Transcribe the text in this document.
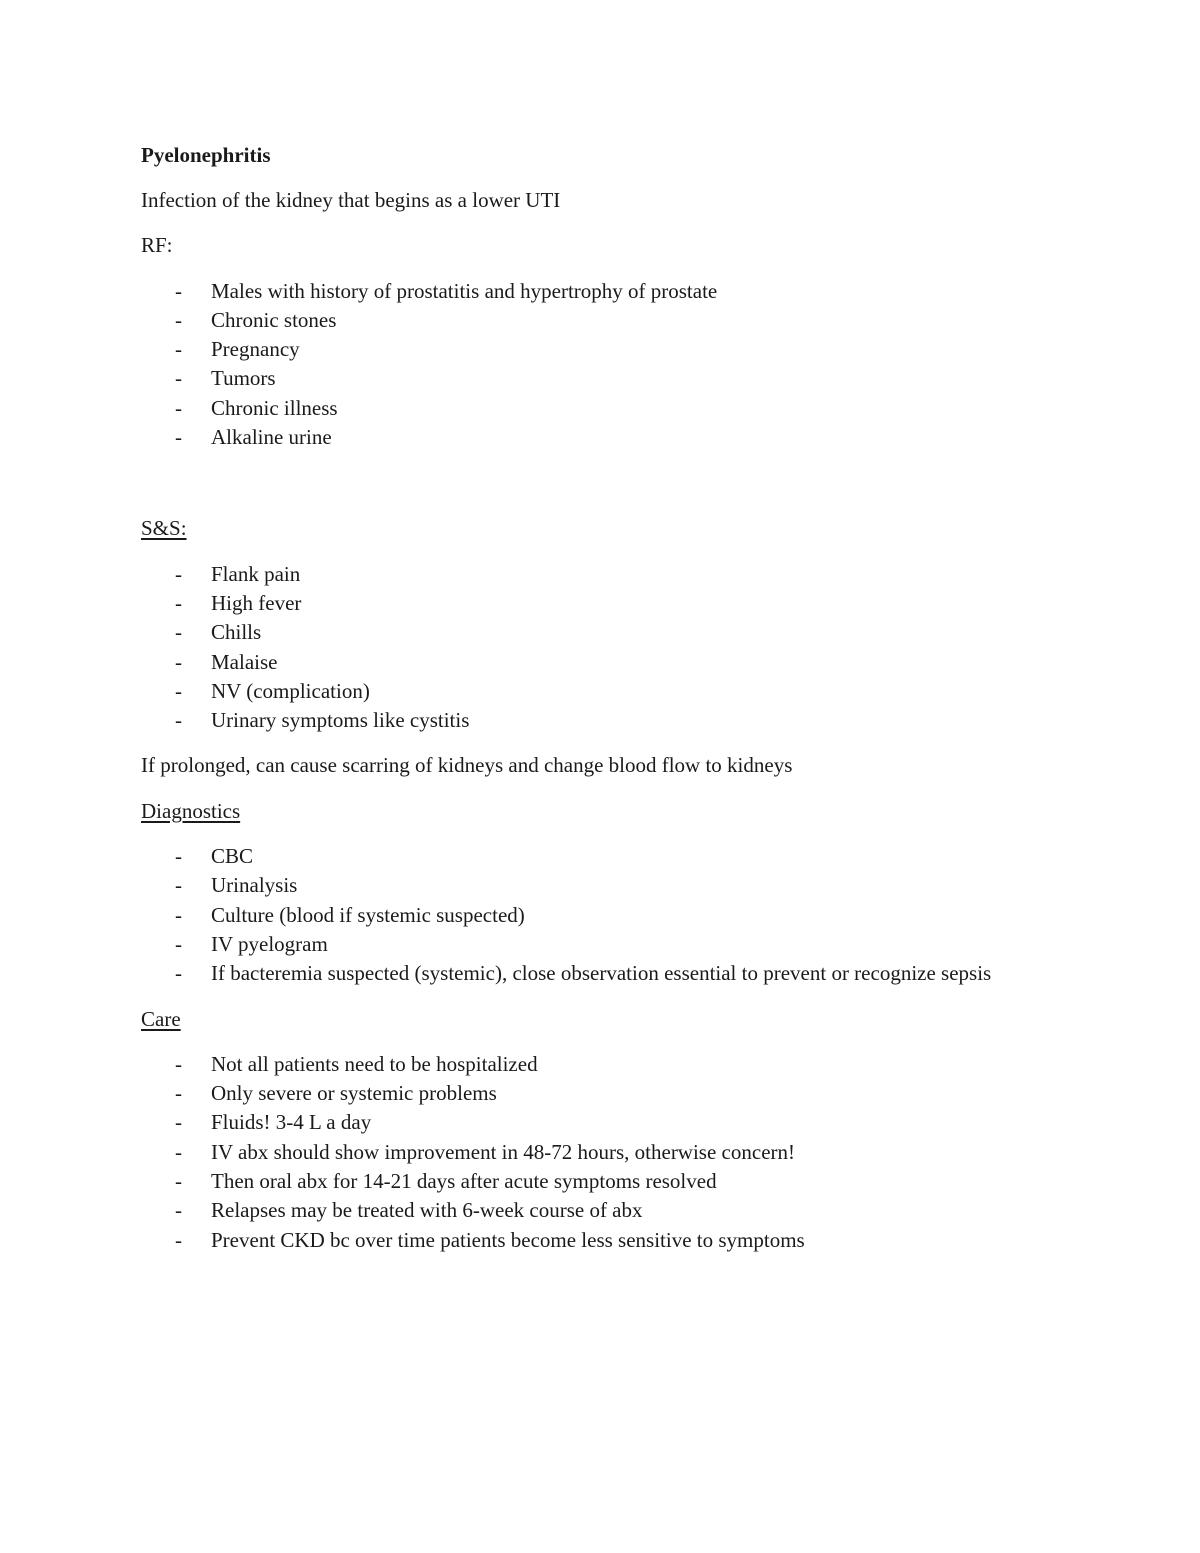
Pyelonephritis
Infection of the kidney that begins as a lower UTI
RF:
- Males with history of prostatitis and hypertrophy of prostate
- Chronic stones
- Pregnancy
- Tumors
- Chronic illness
- Alkaline urine
S&S:
- Flank pain
- High fever
- Chills
- Malaise
- NV (complication)
- Urinary symptoms like cystitis
If prolonged, can cause scarring of kidneys and change blood flow to kidneys
Diagnostics
- CBC
- Urinalysis
- Culture (blood if systemic suspected)
- IV pyelogram
- If bacteremia suspected (systemic), close observation essential to prevent or recognize sepsis
Care
- Not all patients need to be hospitalized
- Only severe or systemic problems
- Fluids! 3-4 L a day
- IV abx should show improvement in 48-72 hours, otherwise concern!
- Then oral abx for 14-21 days after acute symptoms resolved
- Relapses may be treated with 6-week course of abx
- Prevent CKD bc over time patients become less sensitive to symptoms
